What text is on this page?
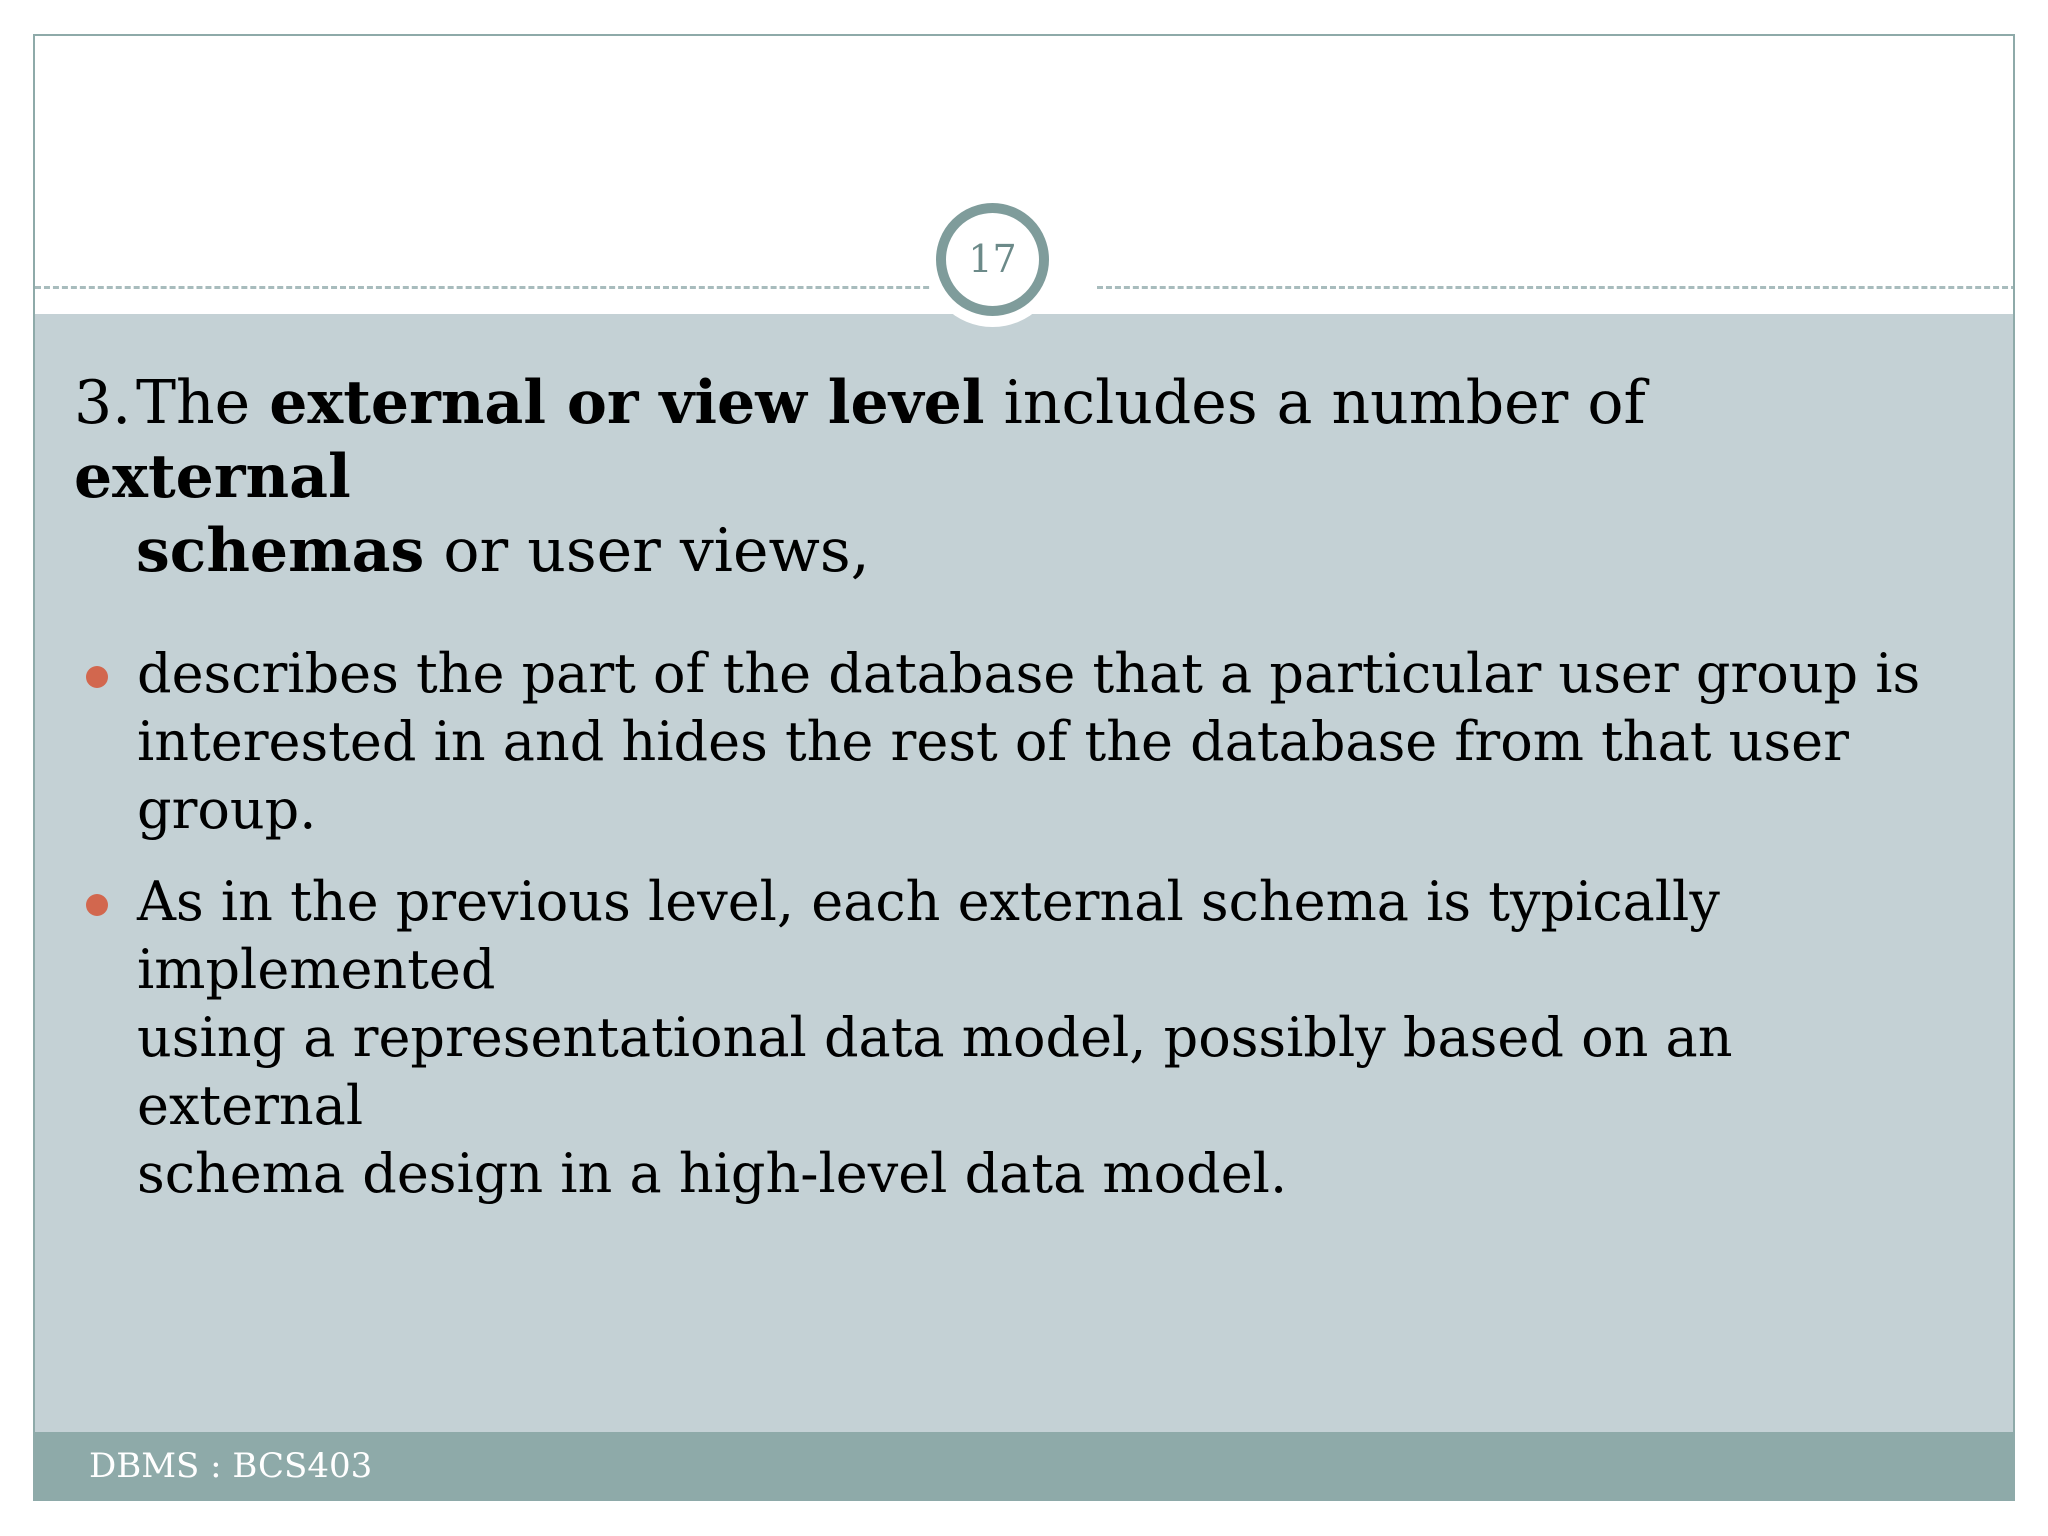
DBMS : BCS403
17
3.The external or view level includes a number of external
schemas or user views,
describes the part of the database that a particular user group is
interested in and hides the rest of the database from that user group.
As in the previous level, each external schema is typically implemented
using a representational data model, possibly based on an external
schema design in a high-level data model.
